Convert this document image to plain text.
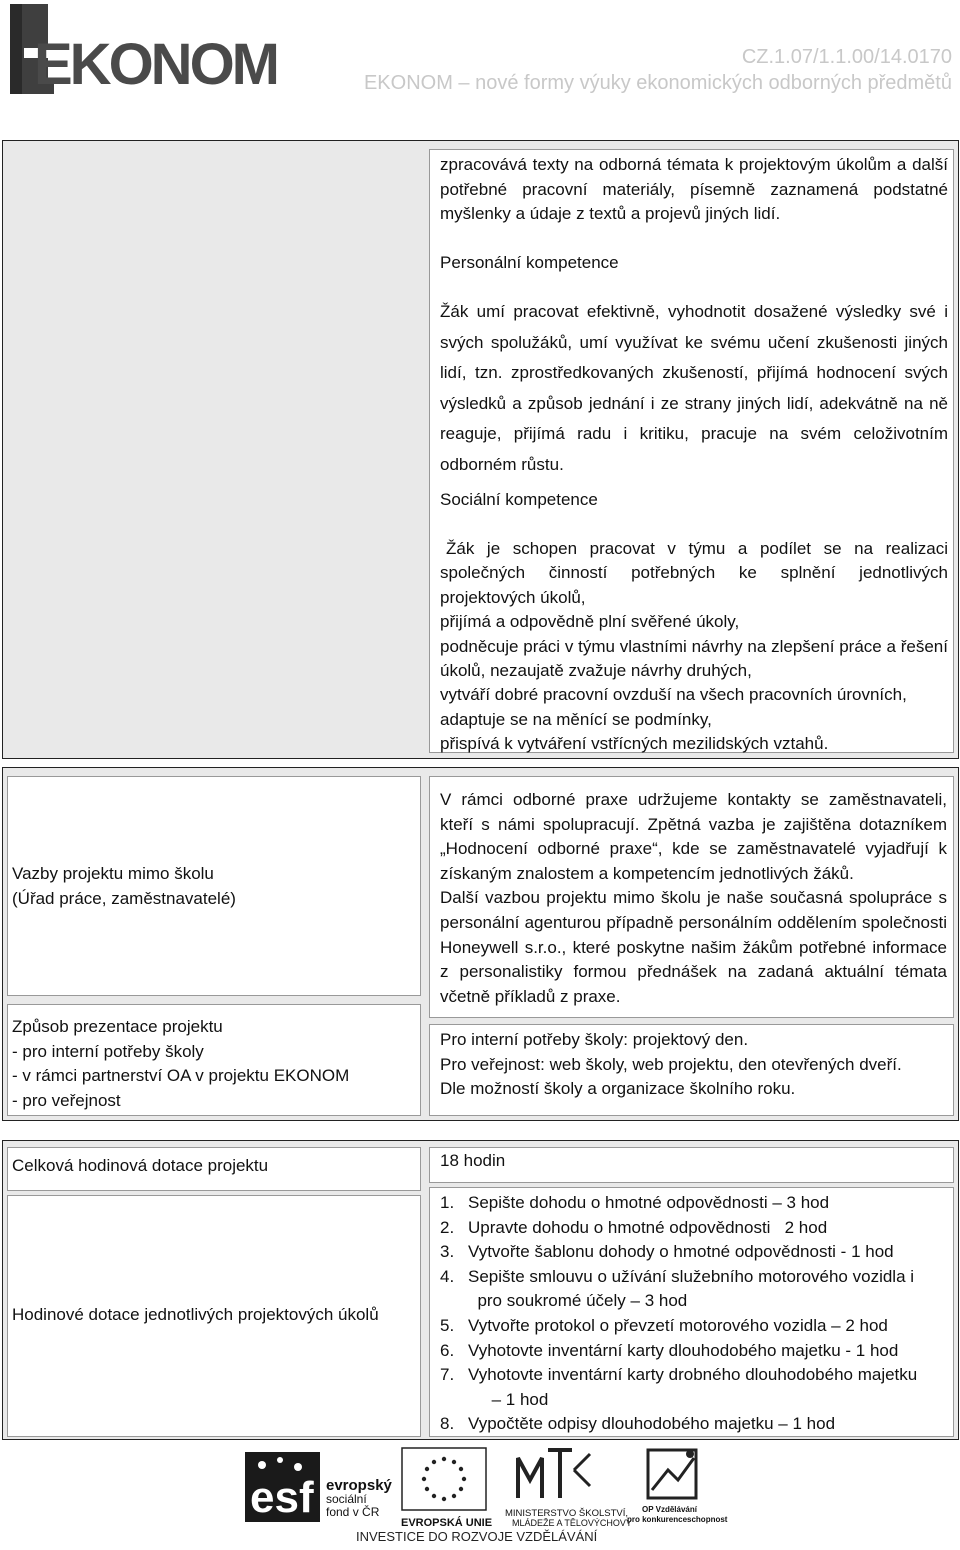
EKONOM	CZ.1.07/1.1.00/14.0170
EKONOM – nové formy výuky ekonomických odborných předmětů
zpracovává texty na odborná témata k projektovým úkolům a další potřebné pracovní materiály, písemně zaznamená podstatné myšlenky a údaje z textů a projevů jiných lidí.
Personální kompetence
Žák umí pracovat efektivně, vyhodnotit dosažené výsledky své i svých spolužáků, umí využívat ke svému učení zkušenosti jiných lidí, tzn. zprostředkovaných zkušeností, přijímá hodnocení svých výsledků a způsob jednání i ze strany jiných lidí, adekvátně na ně reaguje, přijímá radu i kritiku, pracuje na svém celoživotním odborném růstu.
Sociální kompetence
Žák je schopen pracovat v týmu a podílet se na realizaci společných činností potřebných ke splnění jednotlivých projektových úkolů,
přijímá a odpovědně plní svěřené úkoly,
podněcuje práci v týmu vlastními návrhy na zlepšení práce a řešení úkolů, nezaujatě zvažuje návrhy druhých,
vytváří dobré pracovní ovzduší na všech pracovních úrovních,
adaptuje se na měnící se podmínky,
přispívá k vytváření vstřícných mezilidských vztahů.
Vazby projektu mimo školu
(Úřad práce, zaměstnavatelé)
V rámci odborné praxe udržujeme kontakty se zaměstnavateli, kteří s námi spolupracují. Zpětná vazba je zajištěna dotazníkem „Hodnocení odborné praxe“, kde se zaměstnavatelé vyjadřují k získaným znalostem a kompetencím jednotlivých žáků.
Další vazbou projektu mimo školu je naše současná spolupráce s personální agenturou případně personálním oddělením společnosti Honeywell s.r.o., které poskytne našim žákům potřebné informace z personalistiky formou přednášek na zadaná aktuální témata včetně příkladů z praxe.
Způsob prezentace projektu
- pro interní potřeby školy
- v rámci partnerství OA v projektu EKONOM
- pro veřejnost
Pro interní potřeby školy: projektový den.
Pro veřejnost: web školy, web projektu, den otevřených dveří.
Dle možností školy a organizace školního roku.
Celková hodinová dotace projektu	18 hodin
Hodinové dotace jednotlivých projektových úkolů
1. Sepište dohodu o hmotné odpovědnosti – 3 hod
2. Upravte dohodu o hmotné odpovědnosti   2 hod
3. Vytvořte šablonu dohody o hmotné odpovědnosti - 1 hod
4. Sepište smlouvu o užívání služebního motorového vozidla i   pro soukromé účely – 3 hod
5. Vytvořte protokol o převzetí motorového vozidla – 2 hod
6. Vyhotovte inventární karty dlouhodobého majetku - 1 hod
7. Vyhotovte inventární karty drobného dlouhodobého majetku      – 1 hod
8. Vypočtěte odpisy dlouhodobého majetku – 1 hod
esf evropský
sociální
fond v ČR
EVROPSKÁ UNIE
MINISTERSTVO ŠKOLSTVÍ,
MLÁDEŽE A TĚLOVÝCHOVY
OP Vzdělávání
pro konkurenceschopnost
INVESTICE DO ROZVOJE VZDĚLÁVÁNÍ
